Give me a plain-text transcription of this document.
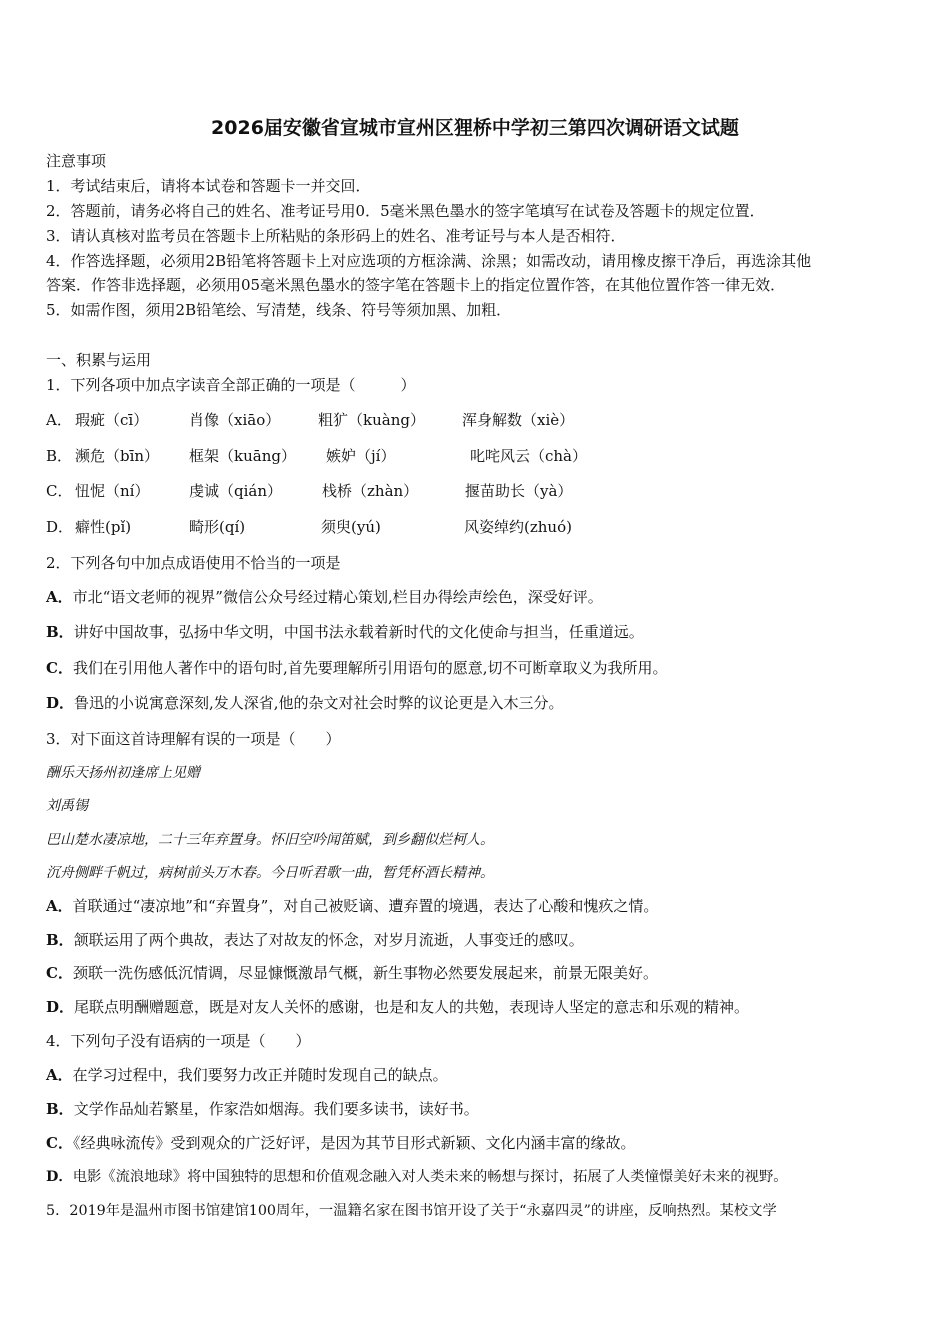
2026届安徽省宣城市宣州区狸桥中学初三第四次调研语文试题
注意事项
1．考试结束后，请将本试卷和答题卡一并交回．
2．答题前，请务必将自己的姓名、准考证号用0．5毫米黑色墨水的签字笔填写在试卷及答题卡的规定位置．
3．请认真核对监考员在答题卡上所粘贴的条形码上的姓名、准考证号与本人是否相符．
4．作答选择题，必须用2B铅笔将答题卡上对应选项的方框涂满、涂黑；如需改动，请用橡皮擦干净后，再选涂其他
答案．作答非选择题，必须用05毫米黑色墨水的签字笔在答题卡上的指定位置作答，在其他位置作答一律无效．
5．如需作图，须用2B铅笔绘、写清楚，线条、符号等须加黑、加粗．
一、积累与运用
1．下列各项中加点字读音全部正确的一项是（　　　）
A． 瑕疵（cī）	肖像（xiāo）	粗犷（kuàng） 浑身解数（xiè）
B． 濒危（bīn） 框架（kuāng） 嫉妒（jí）	叱咤风云（chà）
C． 忸怩（ní）	虔诚（qián）	栈桥（zhàn）	揠苗助长（yà）
D． 癖性(pǐ)	畸形(qí)	须臾(yú)	风姿绰约(zhuó)
2．下列各句中加点成语使用不恰当的一项是
A．市北“语文老师的视界”微信公众号经过精心策划,栏目办得绘声绘色，深受好评。
B．讲好中国故事，弘扬中华文明，中国书法永载着新时代的文化使命与担当，任重道远。
C．我们在引用他人著作中的语句时,首先要理解所引用语句的愿意,切不可断章取义为我所用。
D．鲁迅的小说寓意深刻,发人深省,他的杂文对社会时弊的议论更是入木三分。
3．对下面这首诗理解有误的一项是（　　）
酬乐天扬州初逢席上见赠
刘禹锡
巴山楚水凄凉地，二十三年弃置身。怀旧空吟闻笛赋，到乡翻似烂柯人。
沉舟侧畔千帆过，病树前头万木春。今日听君歌一曲，暂凭杯酒长精神。
A．首联通过“凄凉地”和“弃置身”，对自己被贬谪、遭弃置的境遇，表达了心酸和愧疚之情。
B．颔联运用了两个典故，表达了对故友的怀念，对岁月流逝，人事变迁的感叹。
C．颈联一洗伤感低沉情调，尽显慷慨激昂气概，新生事物必然要发展起来，前景无限美好。
D．尾联点明酬赠题意，既是对友人关怀的感谢，也是和友人的共勉，表现诗人坚定的意志和乐观的精神。
4．下列句子没有语病的一项是（　　）
A．在学习过程中，我们要努力改正并随时发现自己的缺点。
B．文学作品灿若繁星，作家浩如烟海。我们要多读书，读好书。
C．《经典咏流传》受到观众的广泛好评，是因为其节目形式新颖、文化内涵丰富的缘故。
D．电影《流浪地球》将中国独特的思想和价值观念融入对人类未来的畅想与探讨，拓展了人类憧憬美好未来的视野。
5．2019年是温州市图书馆建馆100周年，一温籍名家在图书馆开设了关于“永嘉四灵”的讲座，反响热烈。某校文学
